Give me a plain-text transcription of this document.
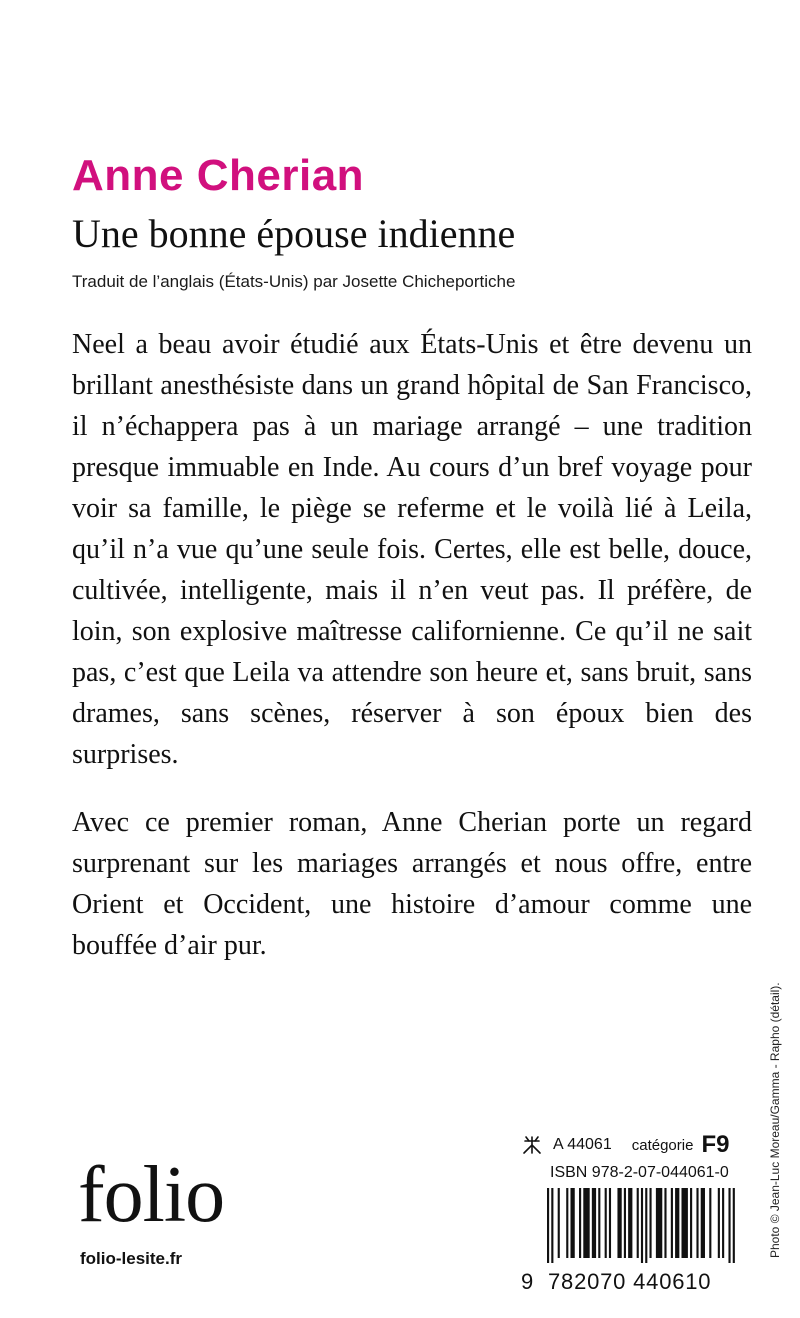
Anne Cherian
Une bonne épouse indienne
Traduit de l’anglais (États-Unis) par Josette Chicheportiche

Neel a beau avoir étudié aux États-Unis et être devenu un brillant anesthésiste dans un grand hôpital de San Francisco, il n’échappera pas à un mariage arrangé – une tradition presque immuable en Inde. Au cours d’un bref voyage pour voir sa famille, le piège se referme et le voilà lié à Leila, qu’il n’a vue qu’une seule fois. Certes, elle est belle, douce, cultivée, intelligente, mais il n’en veut pas. Il préfère, de loin, son explosive maîtresse californienne. Ce qu’il ne sait pas, c’est que Leila va attendre son heure et, sans bruit, sans drames, sans scènes, réserver à son époux bien des surprises.

Avec ce premier roman, Anne Cherian porte un regard surprenant sur les mariages arrangés et nous offre, entre Orient et Occident, une histoire d’amour comme une bouffée d’air pur.

Photo © Jean-Luc Moreau/Gamma - Rapho (détail).
folio
folio-lesite.fr
A 44061 catégorie F9
ISBN 978-2-07-044061-0
9 782070 440610
